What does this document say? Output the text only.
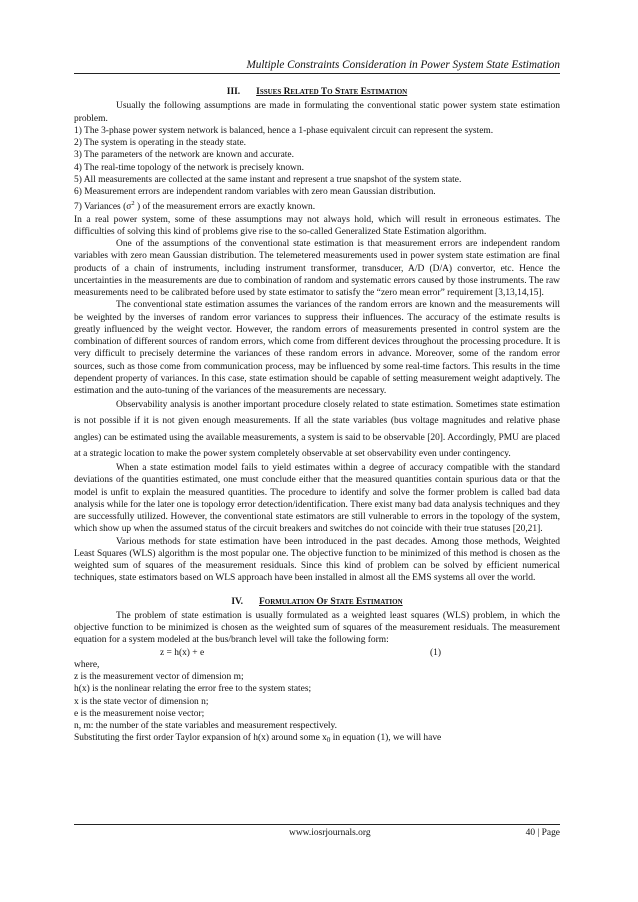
Multiple Constraints Consideration in Power System State Estimation
III. Issues Related To State Estimation

Usually the following assumptions are made in formulating the conventional static power system state estimation problem.

1) The 3-phase power system network is balanced, hence a 1-phase equivalent circuit can represent the system.

2) The system is operating in the steady state.

3) The parameters of the network are known and accurate.

4) The real-time topology of the network is precisely known.

5) All measurements are collected at the same instant and represent a true snapshot of the system state.

6) Measurement errors are independent random variables with zero mean Gaussian distribution.

7) Variances ($\sigma^2$ ) of the measurement errors are exactly known.

In a real power system, some of these assumptions may not always hold, which will result in erroneous estimates. The difficulties of solving this kind of problems give rise to the so-called Generalized State Estimation algorithm.

One of the assumptions of the conventional state estimation is that measurement errors are independent random variables with zero mean Gaussian distribution. The telemetered measurements used in power system state estimation are final products of a chain of instruments, including instrument transformer, transducer, A/D (D/A) convertor, etc. Hence the uncertainties in the measurements are due to combination of random and systematic errors caused by those instruments. The raw measurements need to be calibrated before used by state estimator to satisfy the “zero mean error” requirement [3,13,14,15].

The conventional state estimation assumes the variances of the random errors are known and the measurements will be weighted by the inverses of random error variances to suppress their influences. The accuracy of the estimate results is greatly influenced by the weight vector. However, the random errors of measurements presented in control system are the combination of different sources of random errors, which come from different devices throughout the processing procedure. It is very difficult to precisely determine the variances of these random errors in advance. Moreover, some of the random error sources, such as those come from communication process, may be influenced by some real-time factors. This results in the time dependent property of variances. In this case, state estimation should be capable of setting measurement weight adaptively. The estimation and the auto-tuning of the variances of the measurements are necessary.

Observability analysis is another important procedure closely related to state estimation. Sometimes state estimation is not possible if it is not given enough measurements. If all the state variables (bus voltage magnitudes and relative phase angles) can be estimated using the available measurements, a system is said to be observable [20]. Accordingly, PMU are placed at a strategic location to make the power system completely observable at set observability even under contingency.

When a state estimation model fails to yield estimates within a degree of accuracy compatible with the standard deviations of the quantities estimated, one must conclude either that the measured quantities contain spurious data or that the model is unfit to explain the measured quantities. The procedure to identify and solve the former problem is called bad data analysis while for the later one is topology error detection/identification. There exist many bad data analysis techniques and they are successfully utilized. However, the conventional state estimators are still vulnerable to errors in the topology of the system, which show up when the assumed status of the circuit breakers and switches do not coincide with their true statuses [20,21].

Various methods for state estimation have been introduced in the past decades. Among those methods, Weighted Least Squares (WLS) algorithm is the most popular one. The objective function to be minimized of this method is chosen as the weighted sum of squares of the measurement residuals. Since this kind of problem can be solved by efficient numerical techniques, state estimators based on WLS approach have been installed in almost all the EMS systems all over the world.

IV. Formulation Of State Estimation

The problem of state estimation is usually formulated as a weighted least squares (WLS) problem, in which the objective function to be minimized is chosen as the weighted sum of squares of the measurement residuals. The measurement equation for a system modeled at the bus/branch level will take the following form:

z = h(x) + e	(1)

where,

z is the measurement vector of dimension m;

h(x) is the nonlinear relating the error free to the system states;

x is the state vector of dimension n;

e is the measurement noise vector;

n, m: the number of the state variables and measurement respectively.

Substituting the first order Taylor expansion of h(x) around some $x_0$ in equation (1), we will have

www.iosrjournals.org	40 | Page
